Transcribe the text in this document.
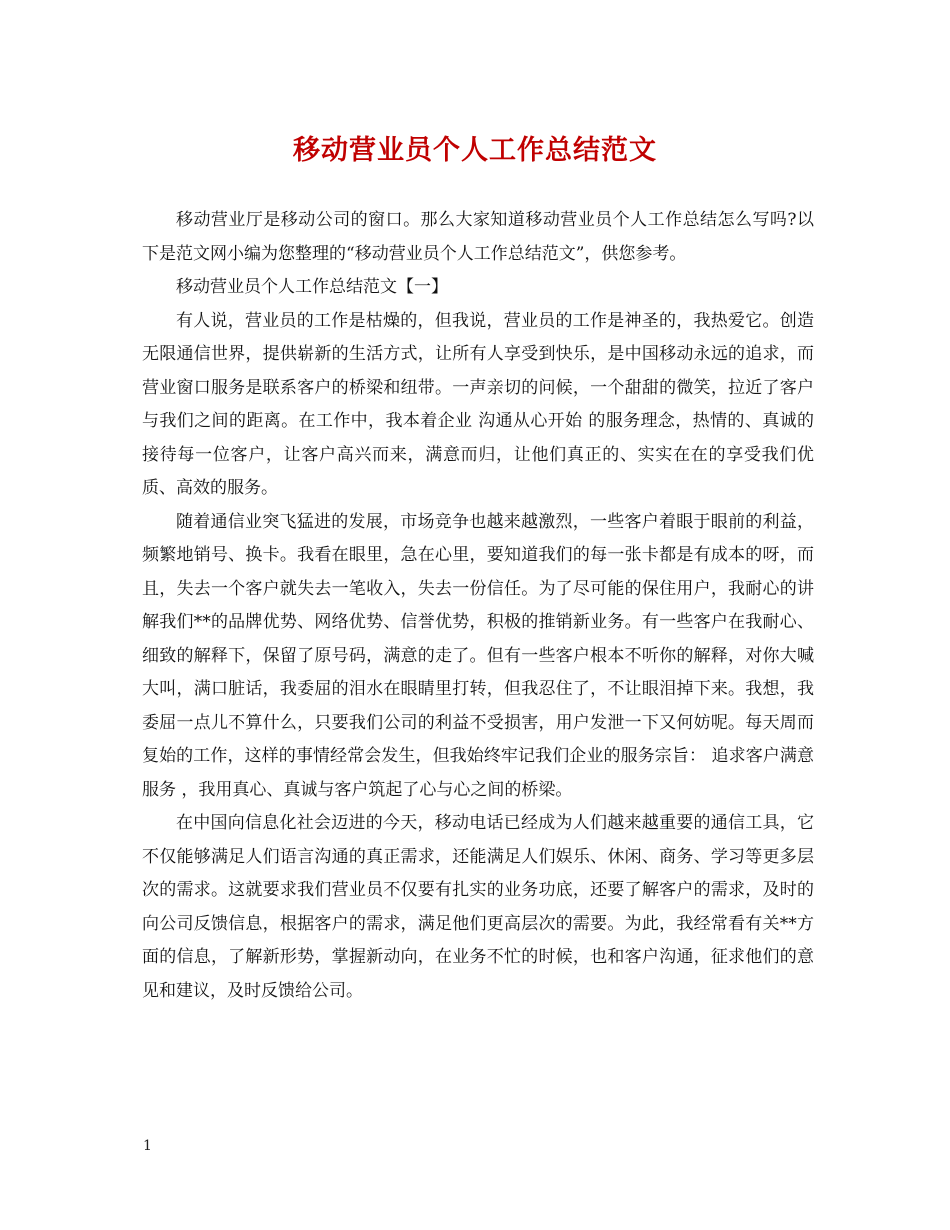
移动营业员个人工作总结范文

移动营业厅是移动公司的窗口。那么大家知道移动营业员个人工作总结怎么写吗?以下是范文网小编为您整理的“移动营业员个人工作总结范文”，供您参考。

移动营业员个人工作总结范文【一】

有人说，营业员的工作是枯燥的，但我说，营业员的工作是神圣的，我热爱它。创造无限通信世界，提供崭新的生活方式，让所有人享受到快乐，是中国移动永远的追求，而营业窗口服务是联系客户的桥梁和纽带。一声亲切的问候，一个甜甜的微笑，拉近了客户与我们之间的距离。在工作中，我本着企业 沟通从心开始 的服务理念，热情的、真诚的接待每一位客户，让客户高兴而来，满意而归，让他们真正的、实实在在的享受我们优质、高效的服务。

随着通信业突飞猛进的发展，市场竞争也越来越激烈，一些客户着眼于眼前的利益，频繁地销号、换卡。我看在眼里，急在心里，要知道我们的每一张卡都是有成本的呀，而且，失去一个客户就失去一笔收入，失去一份信任。为了尽可能的保住用户，我耐心的讲解我们**的品牌优势、网络优势、信誉优势，积极的推销新业务。有一些客户在我耐心、细致的解释下，保留了原号码，满意的走了。但有一些客户根本不听你的解释，对你大喊大叫，满口脏话，我委屈的泪水在眼睛里打转，但我忍住了，不让眼泪掉下来。我想，我委屈一点儿不算什么，只要我们公司的利益不受损害，用户发泄一下又何妨呢。每天周而复始的工作，这样的事情经常会发生，但我始终牢记我们企业的服务宗旨： 追求客户满意服务 ，我用真心、真诚与客户筑起了心与心之间的桥梁。

在中国向信息化社会迈进的今天，移动电话已经成为人们越来越重要的通信工具，它不仅能够满足人们语言沟通的真正需求，还能满足人们娱乐、休闲、商务、学习等更多层次的需求。这就要求我们营业员不仅要有扎实的业务功底，还要了解客户的需求，及时的向公司反馈信息，根据客户的需求，满足他们更高层次的需要。为此，我经常看有关**方面的信息，了解新形势，掌握新动向，在业务不忙的时候，也和客户沟通，征求他们的意见和建议，及时反馈给公司。

1
